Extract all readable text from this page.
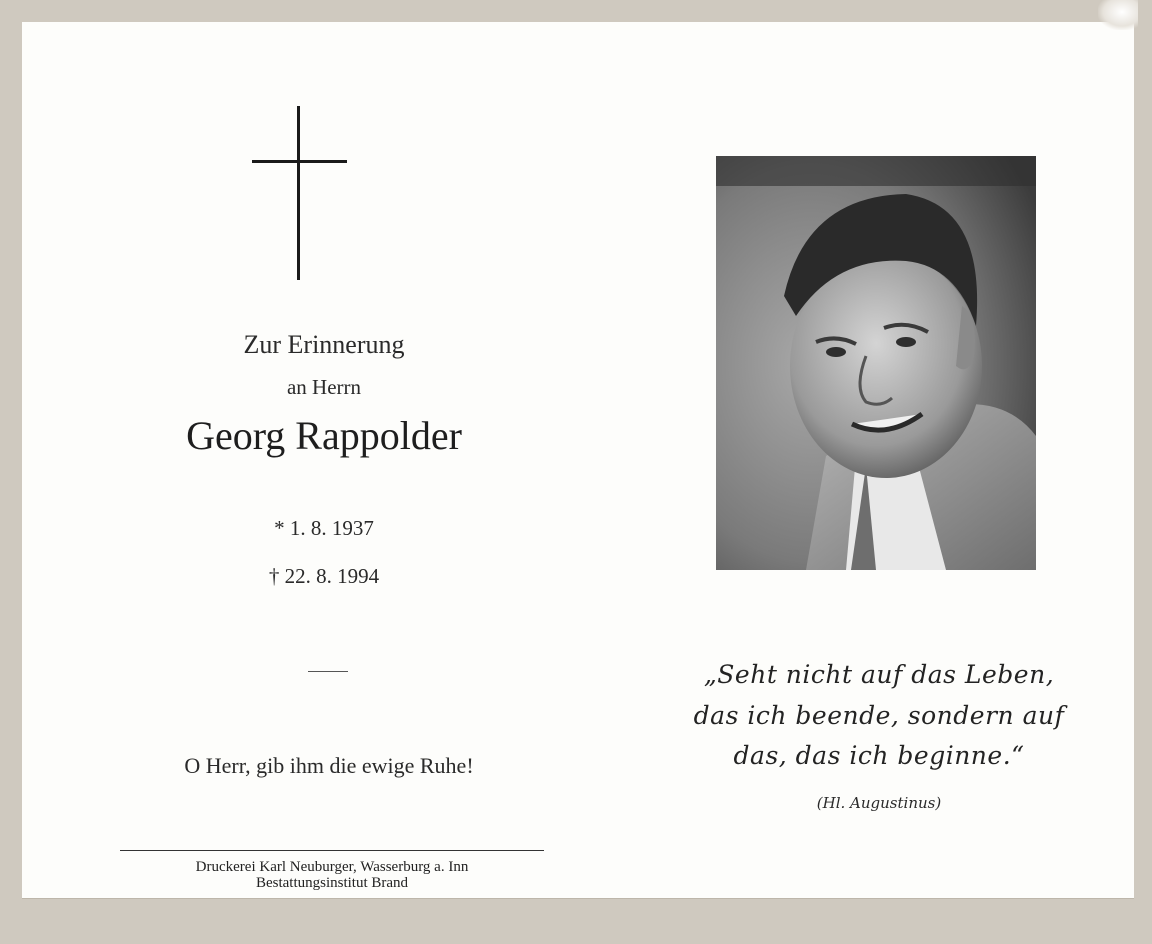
Zur Erinnerung
an Herrn
Georg Rappolder
* 1. 8. 1937
† 22. 8. 1994
O Herr, gib ihm die ewige Ruhe!
Druckerei Karl Neuburger, Wasserburg a. Inn
Bestattungsinstitut Brand
„Seht nicht auf das Leben,
das ich beende, sondern auf
das, das ich beginne.“
(Hl. Augustinus)
